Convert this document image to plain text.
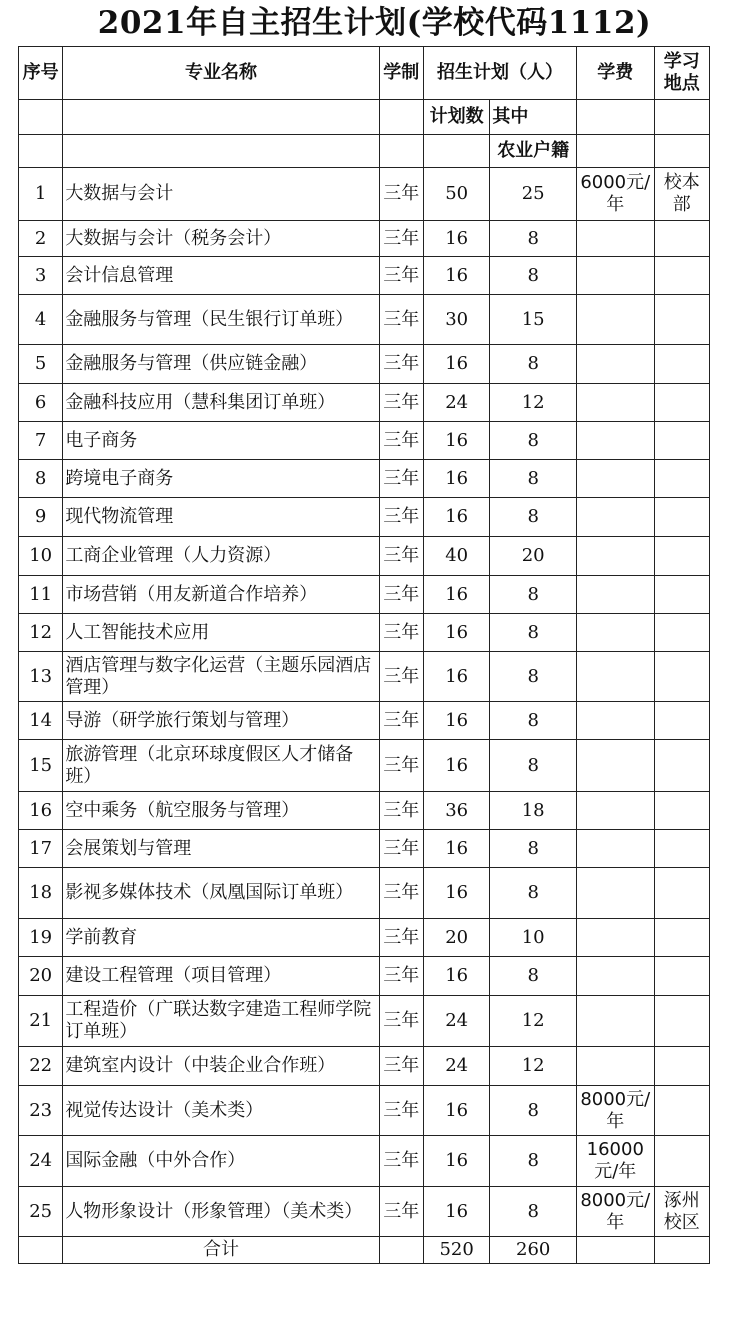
2021年自主招生计划(学校代码1112)
序号	专业名称	学制	招生计划（人）		学费	学习地点
			计划数	其中		
				农业户籍		
1	大数据与会计	三年	50	25	6000元/年	校本部
2	大数据与会计（税务会计）	三年	16	8		
3	会计信息管理	三年	16	8		
4	金融服务与管理（民生银行订单班）	三年	30	15		
5	金融服务与管理（供应链金融）	三年	16	8		
6	金融科技应用（慧科集团订单班）	三年	24	12		
7	电子商务	三年	16	8		
8	跨境电子商务	三年	16	8		
9	现代物流管理	三年	16	8		
10	工商企业管理（人力资源）	三年	40	20		
11	市场营销（用友新道合作培养）	三年	16	8		
12	人工智能技术应用	三年	16	8		
13	酒店管理与数字化运营（主题乐园酒店管理）	三年	16	8		
14	导游（研学旅行策划与管理）	三年	16	8		
15	旅游管理（北京环球度假区人才储备班）	三年	16	8		
16	空中乘务（航空服务与管理）	三年	36	18		
17	会展策划与管理	三年	16	8		
18	影视多媒体技术（凤凰国际订单班）	三年	16	8		
19	学前教育	三年	20	10		
20	建设工程管理（项目管理）	三年	16	8		
21	工程造价（广联达数字建造工程师学院订单班）	三年	24	12		
22	建筑室内设计（中装企业合作班）	三年	24	12		
23	视觉传达设计（美术类）	三年	16	8	8000元/年	
24	国际金融（中外合作）	三年	16	8	16000元/年	
25	人物形象设计（形象管理）（美术类）	三年	16	8	8000元/年	涿州校区
	合计		520	260		
